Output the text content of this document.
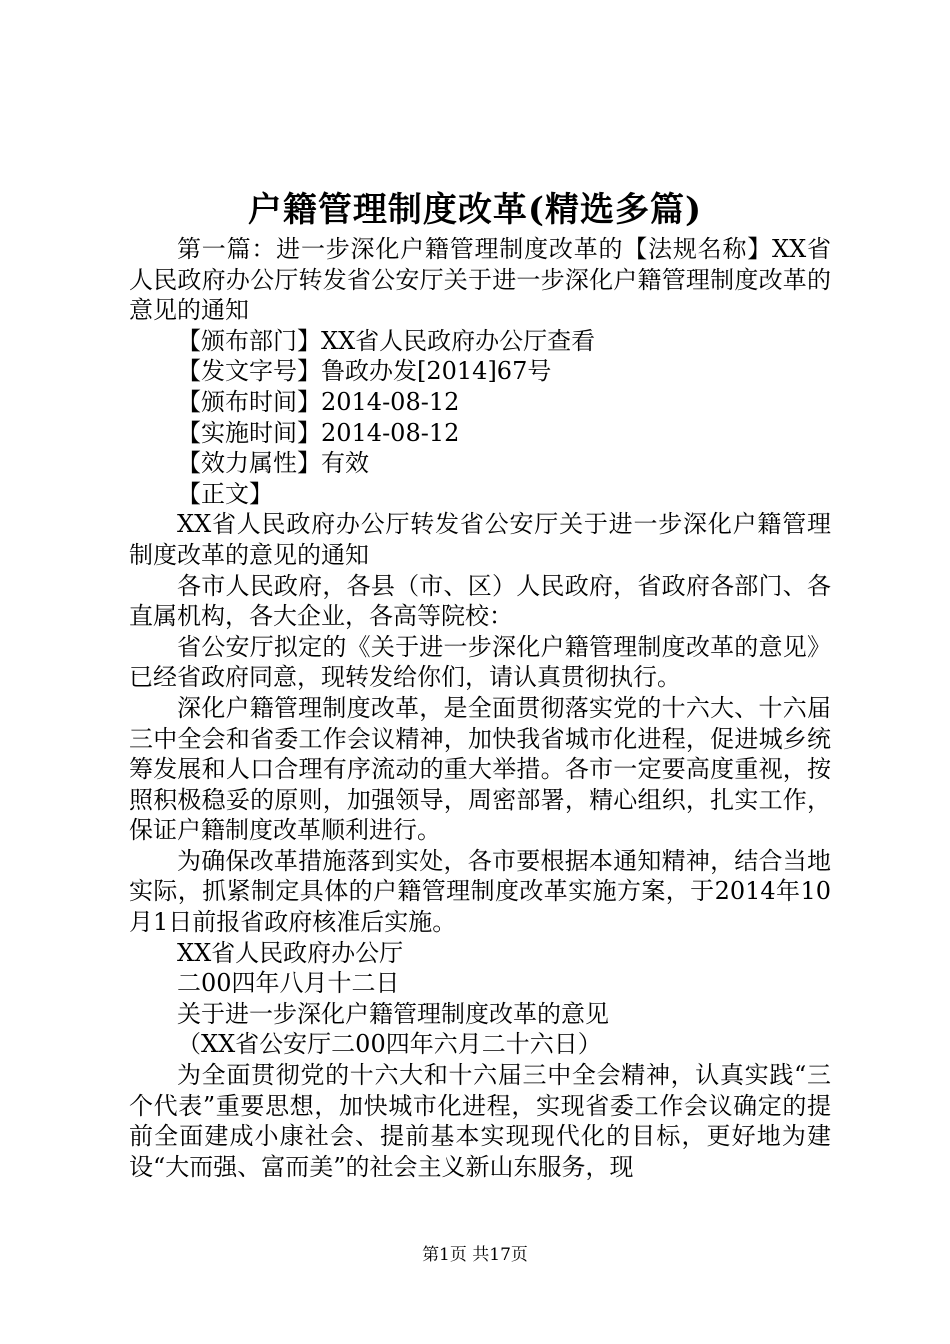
户籍管理制度改革(精选多篇)

第一篇：进一步深化户籍管理制度改革的【法规名称】XX省人民政府办公厅转发省公安厅关于进一步深化户籍管理制度改革的意见的通知

【颁布部门】XX省人民政府办公厅查看

【发文字号】鲁政办发[2014]67号

【颁布时间】2014-08-12

【实施时间】2014-08-12

【效力属性】有效

【正文】

XX省人民政府办公厅转发省公安厅关于进一步深化户籍管理制度改革的意见的通知

各市人民政府，各县（市、区）人民政府，省政府各部门、各直属机构，各大企业，各高等院校：

省公安厅拟定的《关于进一步深化户籍管理制度改革的意见》已经省政府同意，现转发给你们，请认真贯彻执行。

深化户籍管理制度改革，是全面贯彻落实党的十六大、十六届三中全会和省委工作会议精神，加快我省城市化进程，促进城乡统筹发展和人口合理有序流动的重大举措。各市一定要高度重视，按照积极稳妥的原则，加强领导，周密部署，精心组织，扎实工作，保证户籍制度改革顺利进行。

为确保改革措施落到实处，各市要根据本通知精神，结合当地实际，抓紧制定具体的户籍管理制度改革实施方案，于2014年10月1日前报省政府核准后实施。

XX省人民政府办公厅

二00四年八月十二日

关于进一步深化户籍管理制度改革的意见

（XX省公安厅二00四年六月二十六日）

为全面贯彻党的十六大和十六届三中全会精神，认真实践“三个代表”重要思想，加快城市化进程，实现省委工作会议确定的提前全面建成小康社会、提前基本实现现代化的目标，更好地为建设“大而强、富而美”的社会主义新山东服务，现

第1页 共17页
